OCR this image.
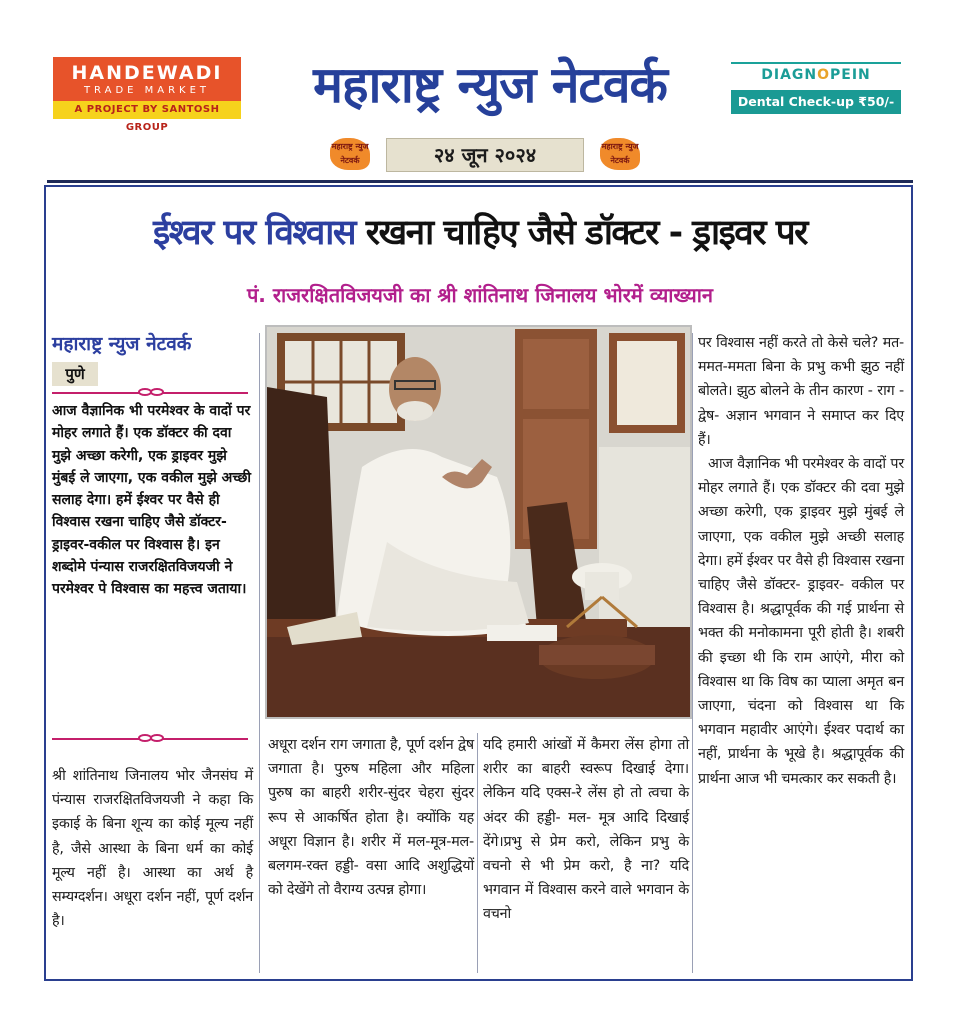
HANDEWADI
TRADE MARKET
A PROJECT BY SANTOSH GROUP
महाराष्ट्र न्युज नेटवर्क	DIAGNOPEIN
Dental Check-up ₹50/-
महाराष्ट्र न्युज नेटवर्क	२४ जून २०२४	महाराष्ट्र न्युज नेटवर्क
ईश्वर पर विश्वास रखना चाहिए जैसे डॉक्टर - ड्राइवर पर
पं. राजरक्षितविजयजी का श्री शांतिनाथ जिनालय भोरमें व्याख्यान
महाराष्ट्र न्युज नेटवर्क
पुणे
आज वैज्ञानिक भी परमेश्वर के वादों पर मोहर लगाते हैं। एक डॉक्टर की दवा मुझे अच्छा करेगी, एक ड्राइवर मुझे मुंबई ले जाएगा, एक वकील मुझे अच्छी सलाह देगा। हमें ईश्वर पर वैसे ही विश्वास रखना चाहिए जैसे डॉक्टर-ड्राइवर-वकील पर विश्वास है। इन शब्दोमे पंन्यास राजरक्षितविजयजी ने परमेश्वर पे विश्वास का महत्त्व जताया।
श्री शांतिनाथ जिनालय भोर जैनसंघ में पंन्यास राजरक्षितविजयजी ने कहा कि इकाई के बिना शून्य का कोई मूल्य नहीं है, जैसे आस्था के बिना धर्म का कोई मूल्य नहीं है। आस्था का अर्थ है सम्यग्दर्शन। अधूरा दर्शन नहीं, पूर्ण दर्शन है।
अधूरा दर्शन राग जगाता है, पूर्ण दर्शन द्वेष जगाता है। पुरुष महिला और महिला पुरुष का बाहरी शरीर-सुंदर चेहरा सुंदर रूप से आकर्षित होता है। क्योंकि यह अधूरा विज्ञान है। शरीर में मल-मूत्र-मल-बलगम-रक्त हड्डी- वसा आदि अशुद्धियों को देखेंगे तो वैराग्य उत्पन्न होगा।
यदि हमारी आंखों में कैमरा लेंस होगा तो शरीर का बाहरी स्वरूप दिखाई देगा। लेकिन यदि एक्स-रे लेंस हो तो त्वचा के अंदर की हड्डी- मल- मूत्र आदि दिखाई देंगे।प्रभु से प्रेम करो, लेकिन प्रभु के वचनो से भी प्रेम करो, है ना? यदि भगवान में विश्वास करने वाले भगवान के वचनो

पर विश्वास नहीं करते तो केसे चले? मत-ममत-ममता बिना के प्रभु कभी झुठ नहीं बोलते। झुठ बोलने के तीन कारण - राग - द्वेष- अज्ञान भगवान ने समाप्त कर दिए हैं।

आज वैज्ञानिक भी परमेश्वर के वादों पर मोहर लगाते हैं। एक डॉक्टर की दवा मुझे अच्छा करेगी, एक ड्राइवर मुझे मुंबई ले जाएगा, एक वकील मुझे अच्छी सलाह देगा। हमें ईश्वर पर वैसे ही विश्वास रखना चाहिए जैसे डॉक्टर- ड्राइवर- वकील पर विश्वास है। श्रद्धापूर्वक की गई प्रार्थना से भक्त की मनोकामना पूरी होती है। शबरी की इच्छा थी कि राम आएंगे, मीरा को विश्वास था कि विष का प्याला अमृत बन जाएगा, चंदना को विश्वास था कि भगवान महावीर आएंगे। ईश्वर पदार्थ का नहीं, प्रार्थना के भूखे है। श्रद्धापूर्वक की प्रार्थना आज भी चमत्कार कर सकती है।
